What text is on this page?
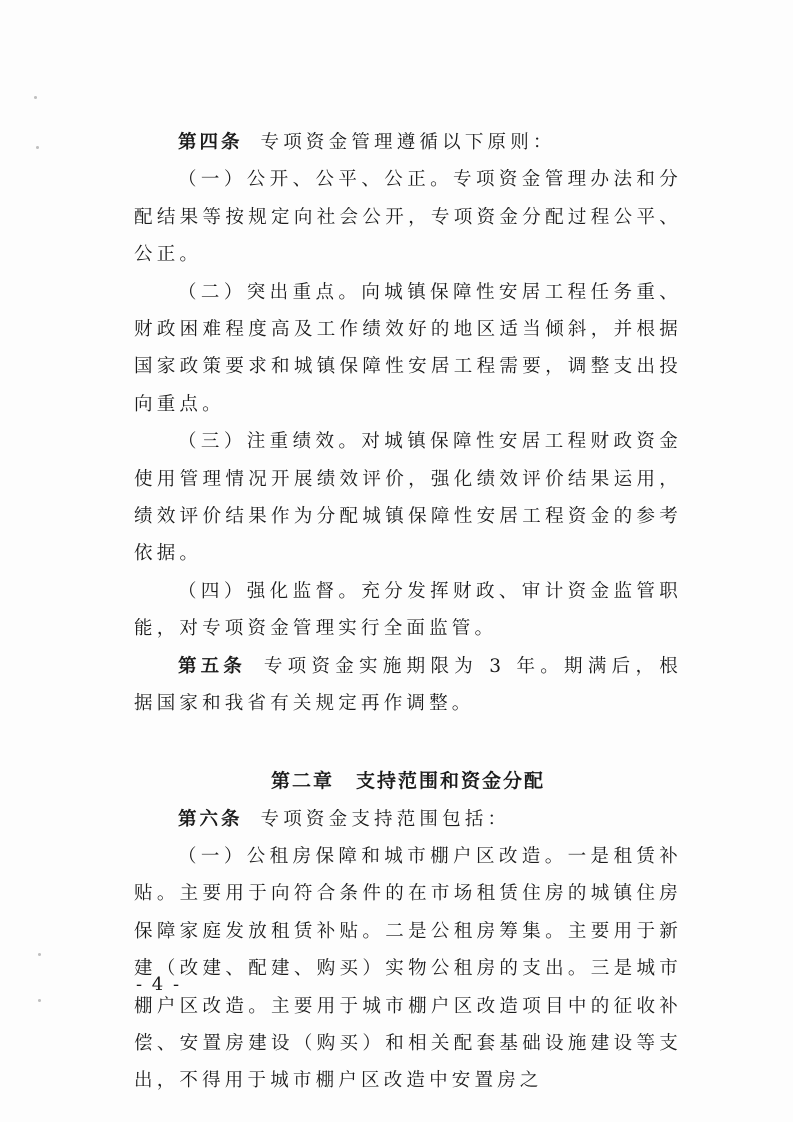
第四条 专项资金管理遵循以下原则：

（一）公开、公平、公正。专项资金管理办法和分配结果等按规定向社会公开，专项资金分配过程公平、公正。

（二）突出重点。向城镇保障性安居工程任务重、财政困难程度高及工作绩效好的地区适当倾斜，并根据国家政策要求和城镇保障性安居工程需要，调整支出投向重点。

（三）注重绩效。对城镇保障性安居工程财政资金使用管理情况开展绩效评价，强化绩效评价结果运用，绩效评价结果作为分配城镇保障性安居工程资金的参考依据。

（四）强化监督。充分发挥财政、审计资金监管职能，对专项资金管理实行全面监管。

第五条 专项资金实施期限为 3 年。期满后，根据国家和我省有关规定再作调整。

第二章 支持范围和资金分配

第六条 专项资金支持范围包括：

（一）公租房保障和城市棚户区改造。一是租赁补贴。主要用于向符合条件的在市场租赁住房的城镇住房保障家庭发放租赁补贴。二是公租房筹集。主要用于新建（改建、配建、购买）实物公租房的支出。三是城市棚户区改造。主要用于城市棚户区改造项目中的征收补偿、安置房建设（购买）和相关配套基础设施建设等支出，不得用于城市棚户区改造中安置房之

- 4 -
